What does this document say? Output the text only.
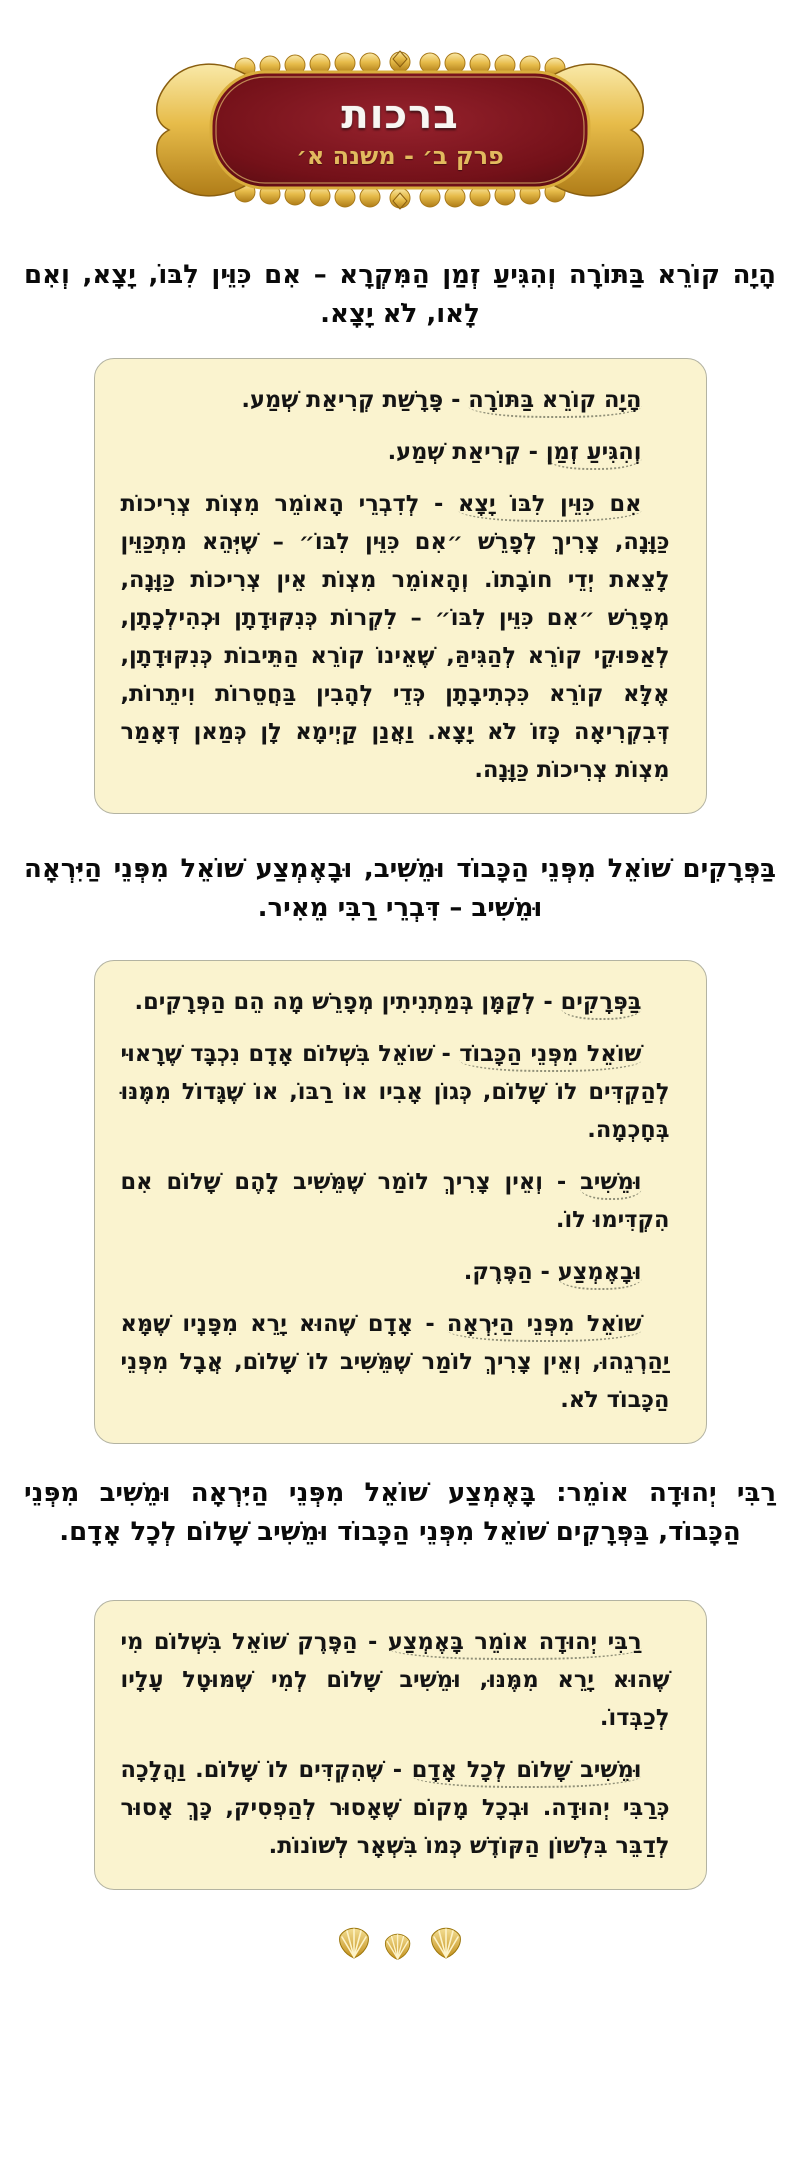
ברכות
פרק ב׳ - משנה א׳
הָיָה קוֹרֵא בַּתּוֹרָה וְהִגִּיעַ זְמַן הַמִּקְרָא – אִם כִּוֵּין לִבּוֹ, יָצָא, וְאִם לָאו, לֹא יָצָא.

הָיָה קוֹרֵא בַּתּוֹרָה - פָּרָשַׁת קְרִיאַת שְׁמַע.

וְהִגִּיעַ זְמַן - קְרִיאַת שְׁמַע.

אִם כִּוֵּין לִבּוֹ יָצָא - לְדִבְרֵי הָאוֹמֵר מִצְוֹת צְרִיכוֹת כַּוָּנָה, צָרִיךְ לְפָרֵשׁ ״אִם כִּוֵּין לִבּוֹ״ – שֶׁיְּהֵא מִתְכַּוֵּין לָצֵאת יְדֵי חוֹבָתוֹ. וְהָאוֹמֵר מִצְוֹת אֵין צְרִיכוֹת כַּוָּנָה, מְפָרֵשׁ ״אִם כִּוֵּין לִבּוֹ״ – לִקְרוֹת כְּנִקּוּדָתָן וּכְהִילְכָתָן, לְאַפּוּקֵי קוֹרֵא לְהַגִּיהַּ, שֶׁאֵינוֹ קוֹרֵא הַתֵּיבוֹת כְּנִקּוּדָתָן, אֶלָּא קוֹרֵא כִּכְתִיבָתָן כְּדֵי לְהָבִין בַּחֲסֵרוֹת וִיתֵרוֹת, דְּבִקְרִיאָה כָּזוֹ לֹא יָצָא. וַאֲנַן קַיְימָא לָן כְּמַאן דְּאָמַר מִצְוֹת צְרִיכוֹת כַּוָּנָה.

בַּפְּרָקִים שׁוֹאֵל מִפְּנֵי הַכָּבוֹד וּמֵשִׁיב, וּבָאֶמְצַע שׁוֹאֵל מִפְּנֵי הַיִּרְאָה וּמֵשִׁיב – דִּבְרֵי רַבִּי מֵאִיר.

בַּפְּרָקִים - לְקַמָּן בְּמַתְנִיתִין מְפָרֵשׁ מָה הֵם הַפְּרָקִים.

שׁוֹאֵל מִפְּנֵי הַכָּבוֹד - שׁוֹאֵל בִּשְׁלוֹם אָדָם נִכְבָּד שֶׁרָאוּי לְהַקְדִּים לוֹ שָׁלוֹם, כְּגוֹן אָבִיו אוֹ רַבּוֹ, אוֹ שֶׁגָּדוֹל מִמֶּנּוּ בְּחָכְמָה.

וּמֵשִׁיב - וְאֵין צָרִיךְ לוֹמַר שֶׁמֵּשִׁיב לָהֶם שָׁלוֹם אִם הִקְדִּימוּ לוֹ.

וּבָאֶמְצַע - הַפֶּרֶק.

שׁוֹאֵל מִפְּנֵי הַיִּרְאָה - אָדָם שֶׁהוּא יָרֵא מִפָּנָיו שֶׁמָּא יַהַרְגֵהוּ, וְאֵין צָרִיךְ לוֹמַר שֶׁמֵּשִׁיב לוֹ שָׁלוֹם, אֲבָל מִפְּנֵי הַכָּבוֹד לֹא.

רַבִּי יְהוּדָה אוֹמֵר: בָּאֶמְצַע שׁוֹאֵל מִפְּנֵי הַיִּרְאָה וּמֵשִׁיב מִפְּנֵי הַכָּבוֹד, בַּפְּרָקִים שׁוֹאֵל מִפְּנֵי הַכָּבוֹד וּמֵשִׁיב שָׁלוֹם לְכָל אָדָם.

רַבִּי יְהוּדָה אוֹמֵר בָּאֶמְצַע - הַפֶּרֶק שׁוֹאֵל בִּשְׁלוֹם מִי שֶׁהוּא יָרֵא מִמֶּנּוּ, וּמֵשִׁיב שָׁלוֹם לְמִי שֶׁמּוּטָל עָלָיו לְכַבְּדוֹ.

וּמֵשִׁיב שָׁלוֹם לְכָל אָדָם - שֶׁהִקְדִּים לוֹ שָׁלוֹם. וַהֲלָכָה כְּרַבִּי יְהוּדָה. וּבְכָל מָקוֹם שֶׁאָסוּר לְהַפְסִיק, כָּךְ אָסוּר לְדַבֵּר בִּלְשׁוֹן הַקּוֹדֶשׁ כְּמוֹ בִּשְׁאָר לְשׁוֹנוֹת.
